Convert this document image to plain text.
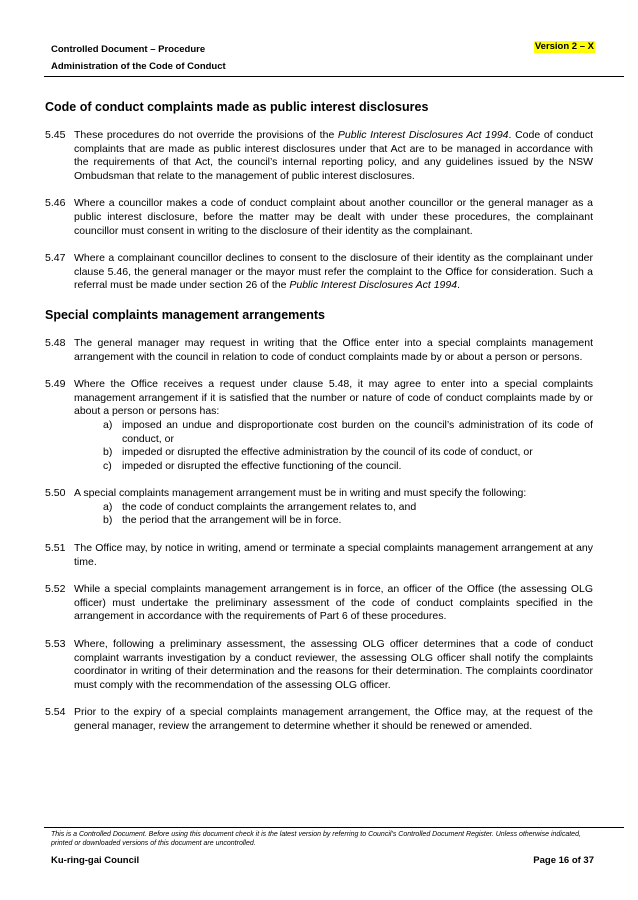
Controlled Document – Procedure
Administration of the Code of Conduct
Version 2 – X
Code of conduct complaints made as public interest disclosures
5.45 These procedures do not override the provisions of the Public Interest Disclosures Act 1994. Code of conduct complaints that are made as public interest disclosures under that Act are to be managed in accordance with the requirements of that Act, the council’s internal reporting policy, and any guidelines issued by the NSW Ombudsman that relate to the management of public interest disclosures.
5.46 Where a councillor makes a code of conduct complaint about another councillor or the general manager as a public interest disclosure, before the matter may be dealt with under these procedures, the complainant councillor must consent in writing to the disclosure of their identity as the complainant.
5.47 Where a complainant councillor declines to consent to the disclosure of their identity as the complainant under clause 5.46, the general manager or the mayor must refer the complaint to the Office for consideration. Such a referral must be made under section 26 of the Public Interest Disclosures Act 1994.
Special complaints management arrangements
5.48 The general manager may request in writing that the Office enter into a special complaints management arrangement with the council in relation to code of conduct complaints made by or about a person or persons.
5.49 Where the Office receives a request under clause 5.48, it may agree to enter into a special complaints management arrangement if it is satisfied that the number or nature of code of conduct complaints made by or about a person or persons has:
a) imposed an undue and disproportionate cost burden on the council’s administration of its code of conduct, or
b) impeded or disrupted the effective administration by the council of its code of conduct, or
c) impeded or disrupted the effective functioning of the council.
5.50 A special complaints management arrangement must be in writing and must specify the following:
a) the code of conduct complaints the arrangement relates to, and
b) the period that the arrangement will be in force.
5.51 The Office may, by notice in writing, amend or terminate a special complaints management arrangement at any time.
5.52 While a special complaints management arrangement is in force, an officer of the Office (the assessing OLG officer) must undertake the preliminary assessment of the code of conduct complaints specified in the arrangement in accordance with the requirements of Part 6 of these procedures.
5.53 Where, following a preliminary assessment, the assessing OLG officer determines that a code of conduct complaint warrants investigation by a conduct reviewer, the assessing OLG officer shall notify the complaints coordinator in writing of their determination and the reasons for their determination. The complaints coordinator must comply with the recommendation of the assessing OLG officer.
5.54 Prior to the expiry of a special complaints management arrangement, the Office may, at the request of the general manager, review the arrangement to determine whether it should be renewed or amended.
This is a Controlled Document. Before using this document check it is the latest version by referring to Council’s Controlled Document Register. Unless otherwise indicated, printed or downloaded versions of this document are uncontrolled.
Ku-ring-gai Council	Page 16 of 37
